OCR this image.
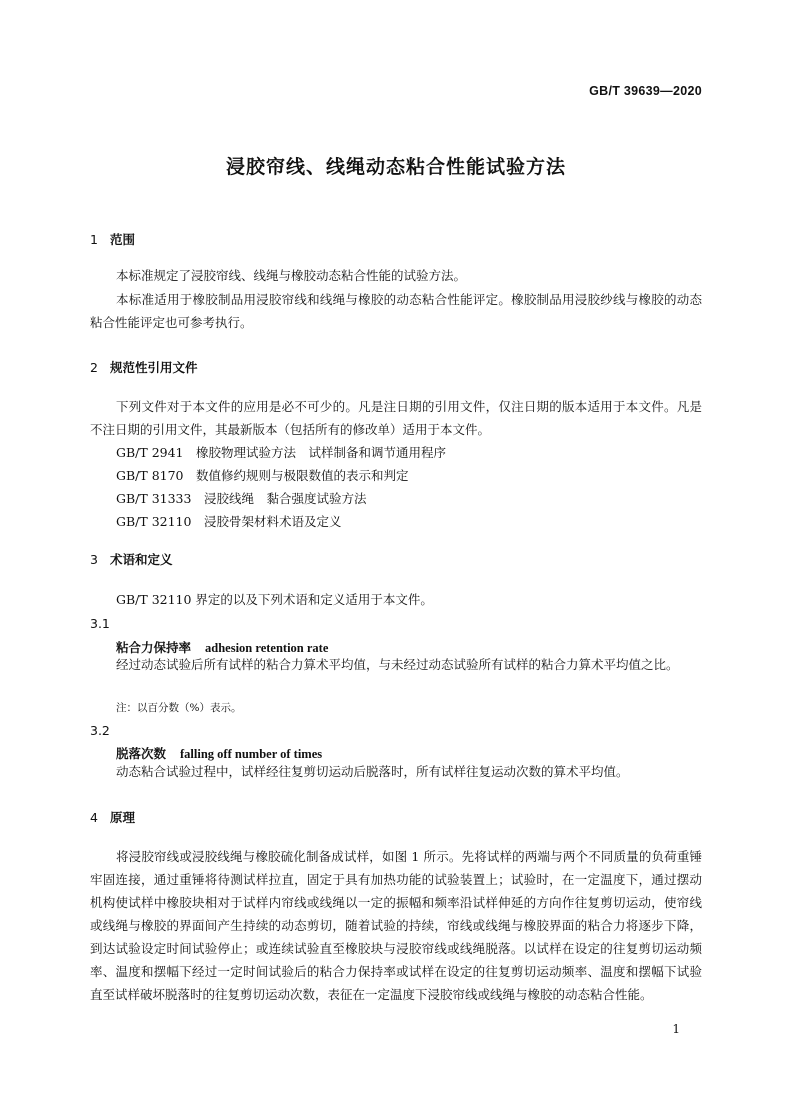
GB/T 39639—2020
浸胶帘线、线绳动态粘合性能试验方法
1 范围
本标准规定了浸胶帘线、线绳与橡胶动态粘合性能的试验方法。
本标准适用于橡胶制品用浸胶帘线和线绳与橡胶的动态粘合性能评定。橡胶制品用浸胶纱线与橡胶的动态粘合性能评定也可参考执行。
2 规范性引用文件
下列文件对于本文件的应用是必不可少的。凡是注日期的引用文件，仅注日期的版本适用于本文件。凡是不注日期的引用文件，其最新版本（包括所有的修改单）适用于本文件。
GB/T 2941　橡胶物理试验方法　试样制备和调节通用程序
GB/T 8170　数值修约规则与极限数值的表示和判定
GB/T 31333　浸胶线绳　黏合强度试验方法
GB/T 32110　浸胶骨架材料术语及定义
3 术语和定义
GB/T 32110 界定的以及下列术语和定义适用于本文件。
3.1
粘合力保持率 adhesion retention rate
经过动态试验后所有试样的粘合力算术平均值，与未经过动态试验所有试样的粘合力算术平均值之比。
注：以百分数（%）表示。
3.2
脱落次数 falling off number of times
动态粘合试验过程中，试样经往复剪切运动后脱落时，所有试样往复运动次数的算术平均值。
4 原理
将浸胶帘线或浸胶线绳与橡胶硫化制备成试样，如图 1 所示。先将试样的两端与两个不同质量的负荷重锤牢固连接，通过重锤将待测试样拉直，固定于具有加热功能的试验装置上；试验时，在一定温度下，通过摆动机构使试样中橡胶块相对于试样内帘线或线绳以一定的振幅和频率沿试样伸延的方向作往复剪切运动，使帘线或线绳与橡胶的界面间产生持续的动态剪切，随着试验的持续，帘线或线绳与橡胶界面的粘合力将逐步下降，到达试验设定时间试验停止；或连续试验直至橡胶块与浸胶帘线或线绳脱落。以试样在设定的往复剪切运动频率、温度和摆幅下经过一定时间试验后的粘合力保持率或试样在设定的往复剪切运动频率、温度和摆幅下试验直至试样破坏脱落时的往复剪切运动次数，表征在一定温度下浸胶帘线或线绳与橡胶的动态粘合性能。
1
